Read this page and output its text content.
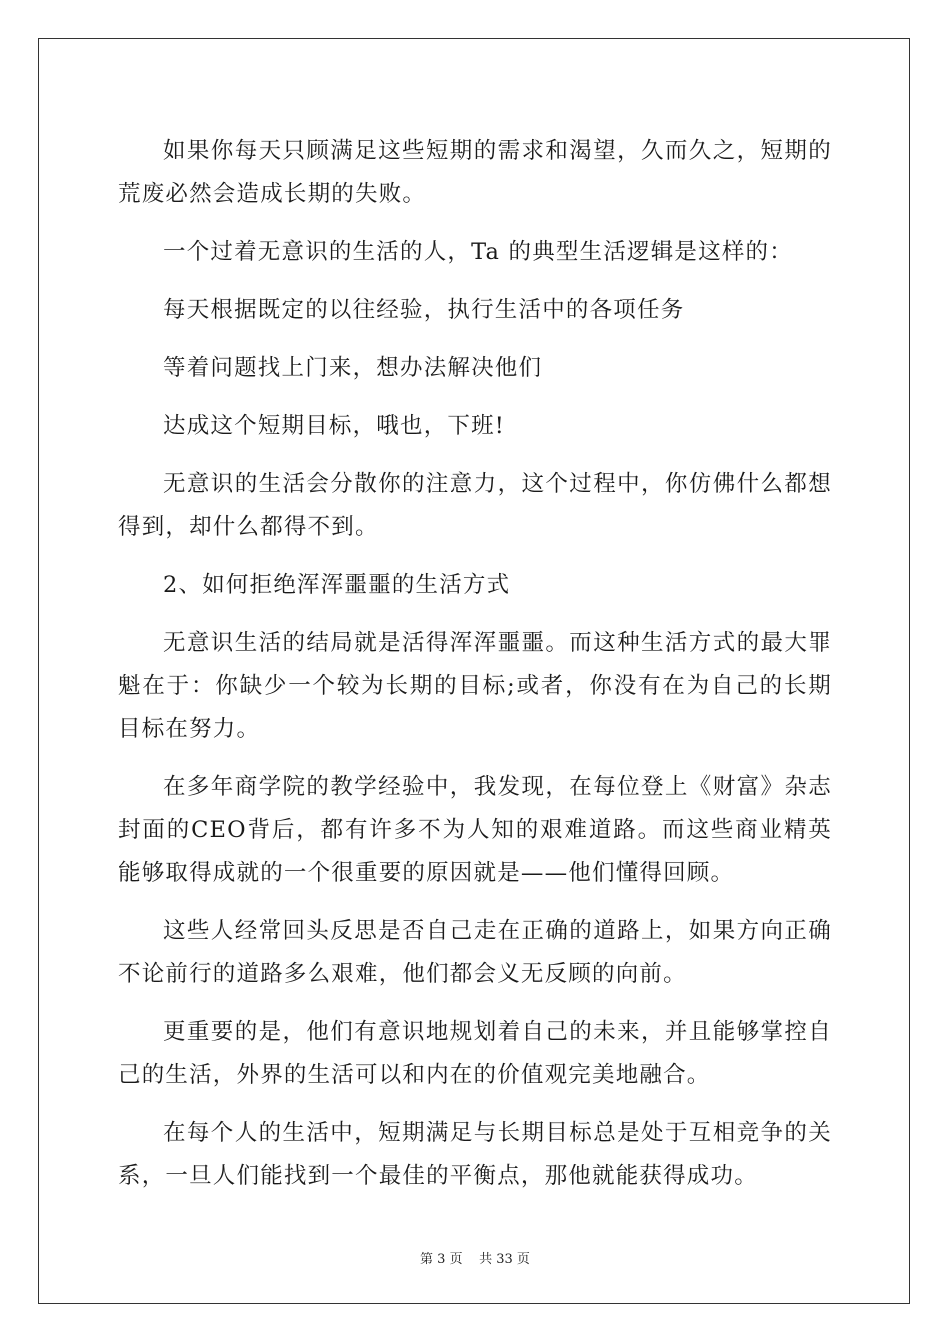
如果你每天只顾满足这些短期的需求和渴望，久而久之，短期的荒废必然会造成长期的失败。

一个过着无意识的生活的人，Ta 的典型生活逻辑是这样的：

每天根据既定的以往经验，执行生活中的各项任务

等着问题找上门来，想办法解决他们

达成这个短期目标，哦也，下班!

无意识的生活会分散你的注意力，这个过程中，你仿佛什么都想得到，却什么都得不到。

2、如何拒绝浑浑噩噩的生活方式

无意识生活的结局就是活得浑浑噩噩。而这种生活方式的最大罪魁在于：你缺少一个较为长期的目标;或者，你没有在为自己的长期目标在努力。

在多年商学院的教学经验中，我发现，在每位登上《财富》杂志封面的CEO背后，都有许多不为人知的艰难道路。而这些商业精英能够取得成就的一个很重要的原因就是——他们懂得回顾。

这些人经常回头反思是否自己走在正确的道路上，如果方向正确不论前行的道路多么艰难，他们都会义无反顾的向前。

更重要的是，他们有意识地规划着自己的未来，并且能够掌控自己的生活，外界的生活可以和内在的价值观完美地融合。

在每个人的生活中，短期满足与长期目标总是处于互相竞争的关系，一旦人们能找到一个最佳的平衡点，那他就能获得成功。

第 3 页 共 33 页
